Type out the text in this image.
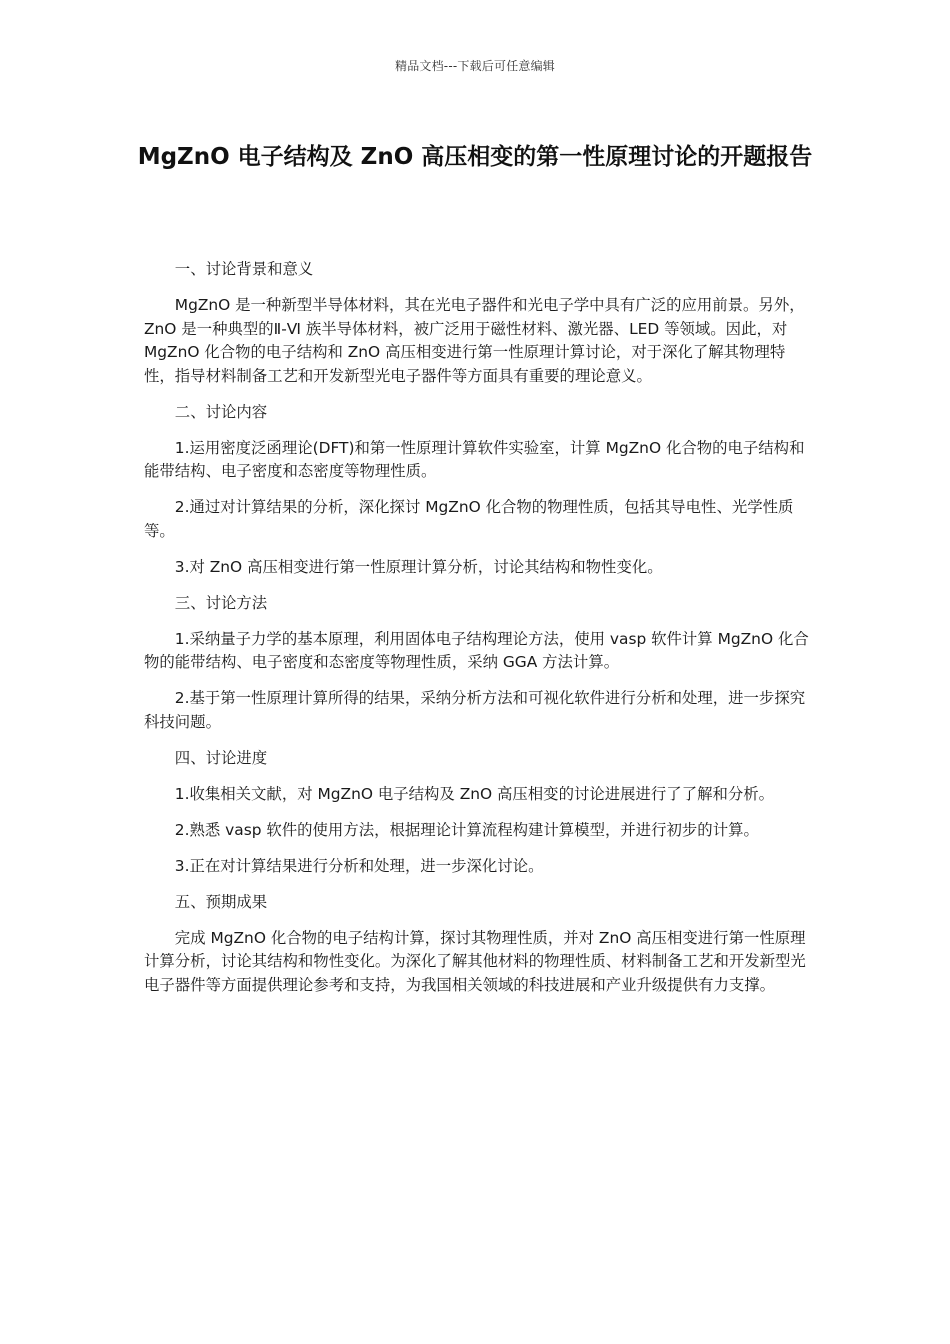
精品文档---下载后可任意编辑
MgZnO 电子结构及 ZnO 高压相变的第一性原理讨论的开题报告

一、讨论背景和意义

MgZnO 是一种新型半导体材料，其在光电子器件和光电子学中具有广泛的应用前景。另外，ZnO 是一种典型的Ⅱ-Ⅵ 族半导体材料，被广泛用于磁性材料、激光器、LED 等领域。因此，对 MgZnO 化合物的电子结构和 ZnO 高压相变进行第一性原理计算讨论，对于深化了解其物理特性，指导材料制备工艺和开发新型光电子器件等方面具有重要的理论意义。

二、讨论内容

1.运用密度泛函理论(DFT)和第一性原理计算软件实验室，计算 MgZnO 化合物的电子结构和能带结构、电子密度和态密度等物理性质。

2.通过对计算结果的分析，深化探讨 MgZnO 化合物的物理性质，包括其导电性、光学性质等。

3.对 ZnO 高压相变进行第一性原理计算分析，讨论其结构和物性变化。

三、讨论方法

1.采纳量子力学的基本原理，利用固体电子结构理论方法，使用 vasp 软件计算 MgZnO 化合物的能带结构、电子密度和态密度等物理性质，采纳 GGA 方法计算。

2.基于第一性原理计算所得的结果，采纳分析方法和可视化软件进行分析和处理，进一步探究科技问题。

四、讨论进度

1.收集相关文献，对 MgZnO 电子结构及 ZnO 高压相变的讨论进展进行了了解和分析。

2.熟悉 vasp 软件的使用方法，根据理论计算流程构建计算模型，并进行初步的计算。

3.正在对计算结果进行分析和处理，进一步深化讨论。

五、预期成果

完成 MgZnO 化合物的电子结构计算，探讨其物理性质，并对 ZnO 高压相变进行第一性原理计算分析，讨论其结构和物性变化。为深化了解其他材料的物理性质、材料制备工艺和开发新型光电子器件等方面提供理论参考和支持，为我国相关领域的科技进展和产业升级提供有力支撑。
